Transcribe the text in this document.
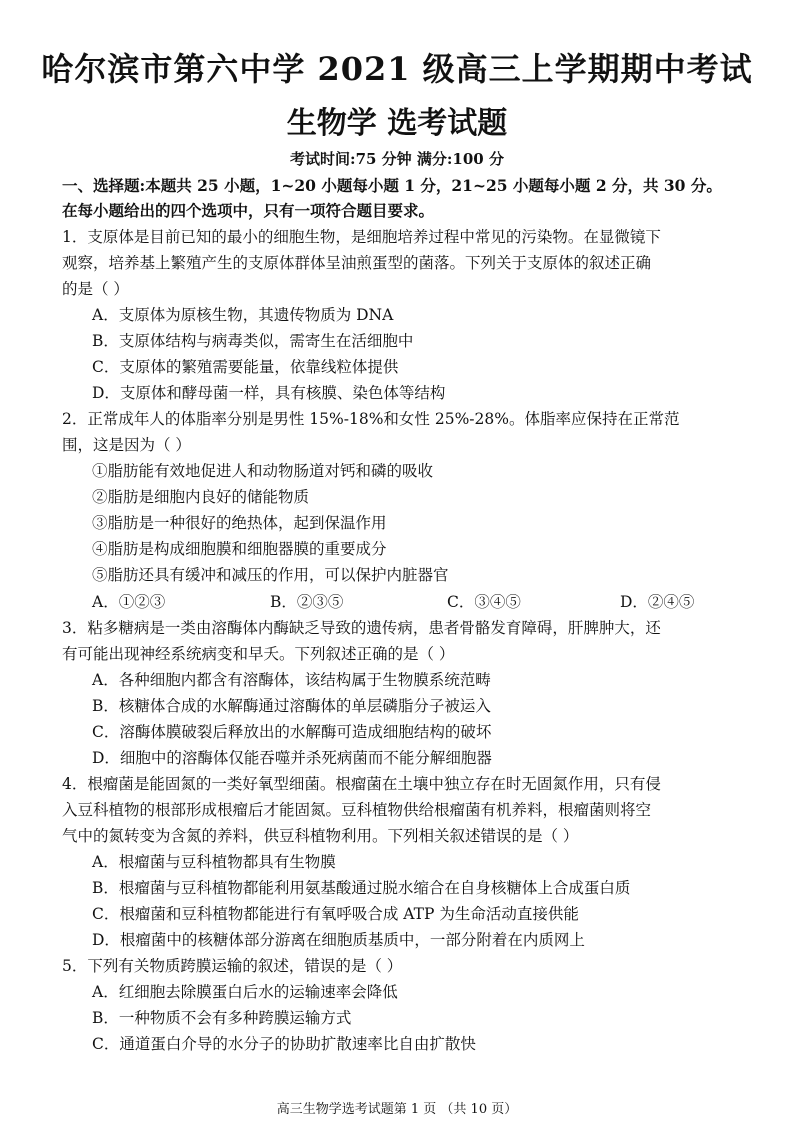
哈尔滨市第六中学 2021 级高三上学期期中考试
生物学 选考试题
考试时间:75 分钟 满分:100 分
一、选择题:本题共 25 小题，1~20 小题每小题 1 分，21~25 小题每小题 2 分，共 30 分。
在每小题给出的四个选项中，只有一项符合题目要求。
1．支原体是目前已知的最小的细胞生物，是细胞培养过程中常见的污染物。在显微镜下
观察，培养基上繁殖产生的支原体群体呈油煎蛋型的菌落。下列关于支原体的叙述正确
的是（ ）
A．支原体为原核生物，其遗传物质为 DNA
B．支原体结构与病毒类似，需寄生在活细胞中
C．支原体的繁殖需要能量，依靠线粒体提供
D．支原体和酵母菌一样，具有核膜、染色体等结构
2．正常成年人的体脂率分别是男性 15%-18%和女性 25%-28%。体脂率应保持在正常范
围，这是因为（ ）
①脂肪能有效地促进人和动物肠道对钙和磷的吸收
②脂肪是细胞内良好的储能物质
③脂肪是一种很好的绝热体，起到保温作用
④脂肪是构成细胞膜和细胞器膜的重要成分
⑤脂肪还具有缓冲和减压的作用，可以保护内脏器官
A．①②③	B．②③⑤	C．③④⑤	D．②④⑤
3．粘多糖病是一类由溶酶体内酶缺乏导致的遗传病，患者骨骼发育障碍，肝脾肿大，还
有可能出现神经系统病变和早夭。下列叙述正确的是（ ）
A．各种细胞内都含有溶酶体，该结构属于生物膜系统范畴
B．核糖体合成的水解酶通过溶酶体的单层磷脂分子被运入
C．溶酶体膜破裂后释放出的水解酶可造成细胞结构的破坏
D．细胞中的溶酶体仅能吞噬并杀死病菌而不能分解细胞器
4．根瘤菌是能固氮的一类好氧型细菌。根瘤菌在土壤中独立存在时无固氮作用，只有侵
入豆科植物的根部形成根瘤后才能固氮。豆科植物供给根瘤菌有机养料，根瘤菌则将空
气中的氮转变为含氮的养料，供豆科植物利用。下列相关叙述错误的是（ ）
A．根瘤菌与豆科植物都具有生物膜
B．根瘤菌与豆科植物都能利用氨基酸通过脱水缩合在自身核糖体上合成蛋白质
C．根瘤菌和豆科植物都能进行有氧呼吸合成 ATP 为生命活动直接供能
D．根瘤菌中的核糖体部分游离在细胞质基质中，一部分附着在内质网上
5．下列有关物质跨膜运输的叙述，错误的是（ ）
A．红细胞去除膜蛋白后水的运输速率会降低
B．一种物质不会有多种跨膜运输方式
C．通道蛋白介导的水分子的协助扩散速率比自由扩散快
高三生物学选考试题第 1 页 （共 10 页）
